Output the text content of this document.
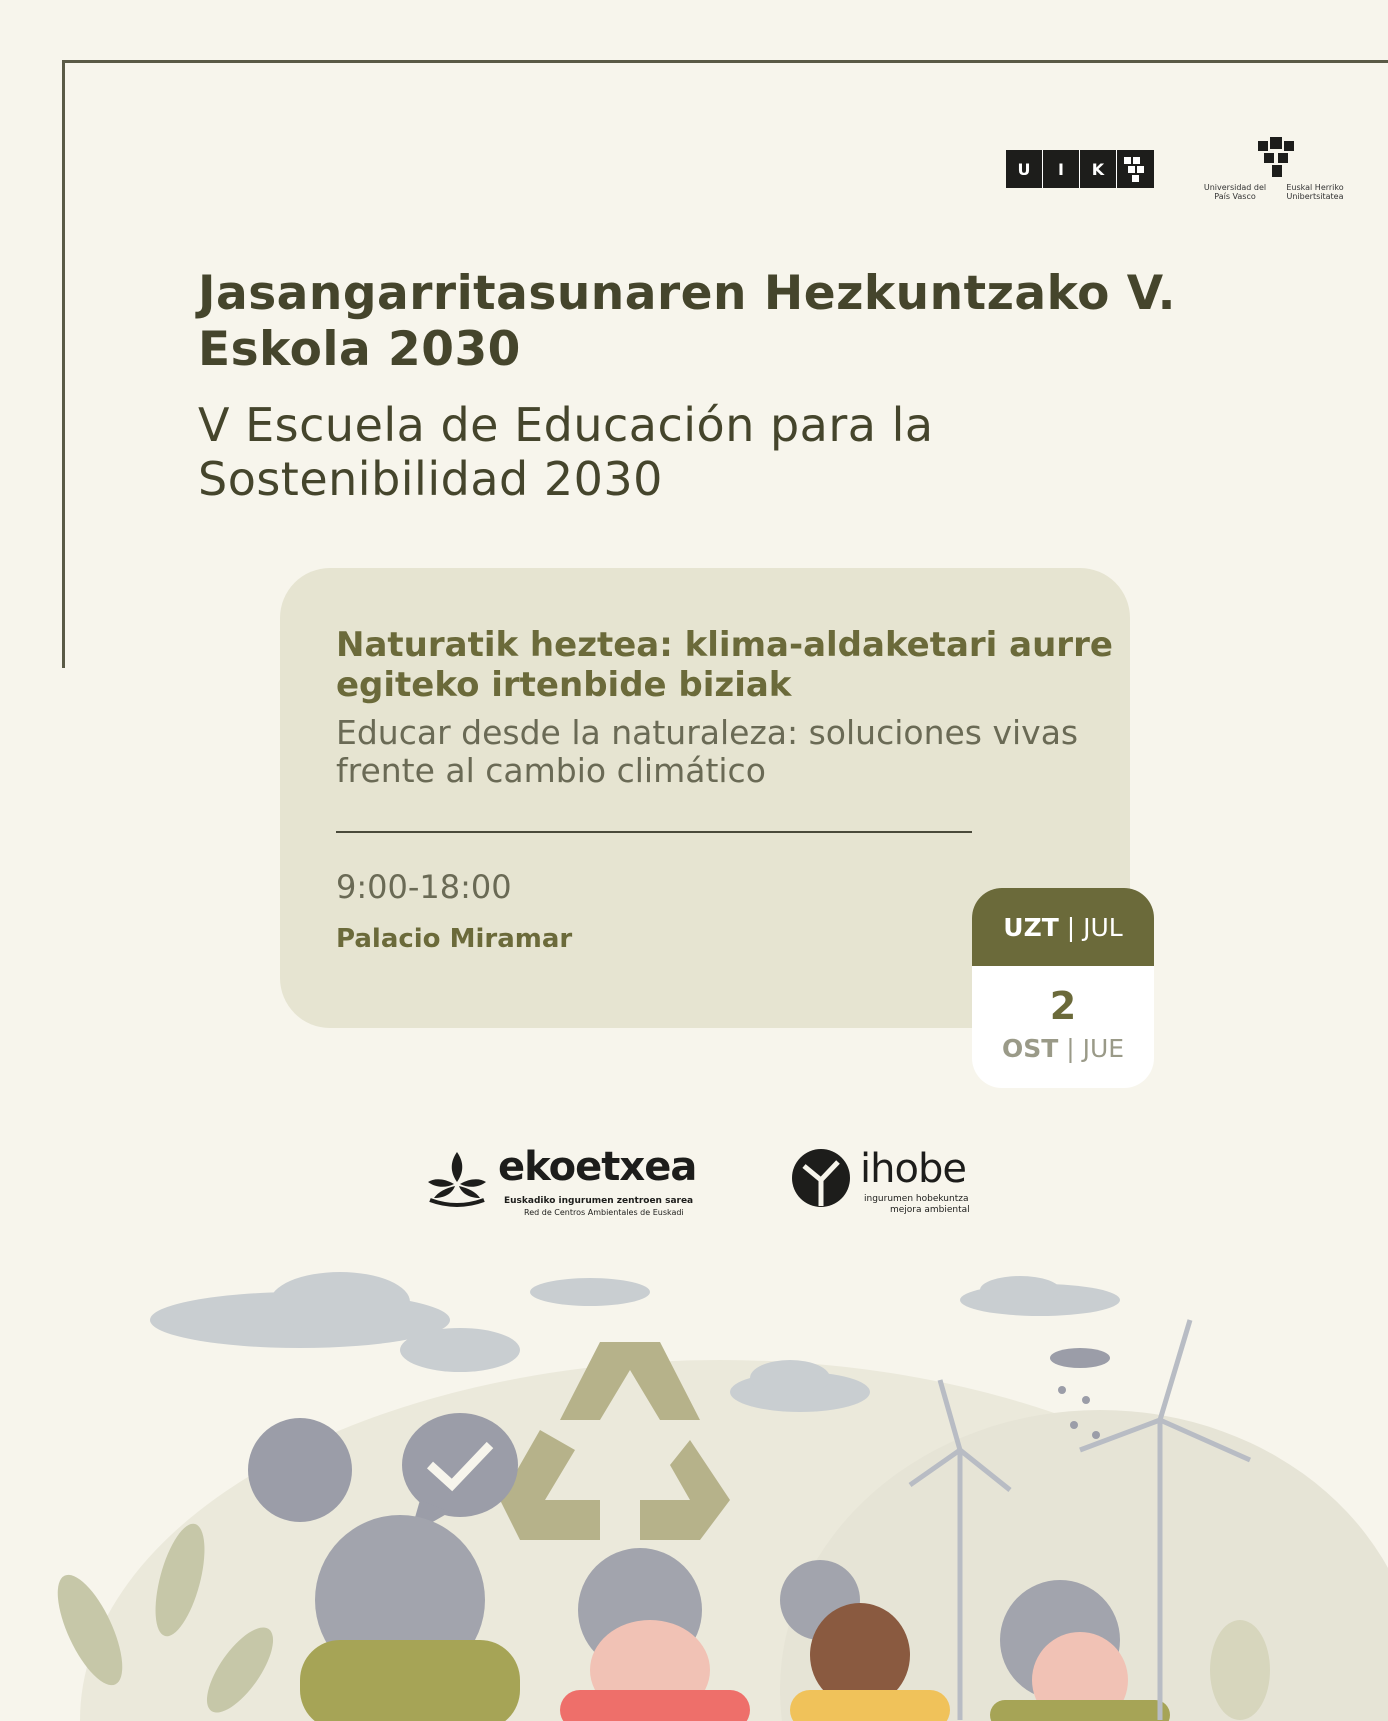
U	I	K
Universidad del País Vasco
Euskal Herriko Unibertsitatea
Jasangarritasunaren Hezkuntzako V. Eskola 2030
V Escuela de Educación para la Sostenibilidad 2030
Naturatik heztea: klima-aldaketari aurre egiteko irtenbide biziak
Educar desde la naturaleza: soluciones vivas frente al cambio climático
9:00-18:00
Palacio Miramar	UZT
|
JUL
2
OST | JUE
ekoetxea
Euskadiko ingurumen zentroen sarea
Red de Centros Ambientales de Euskadi
ihobe
ingurumen hobekuntza
mejora ambiental
